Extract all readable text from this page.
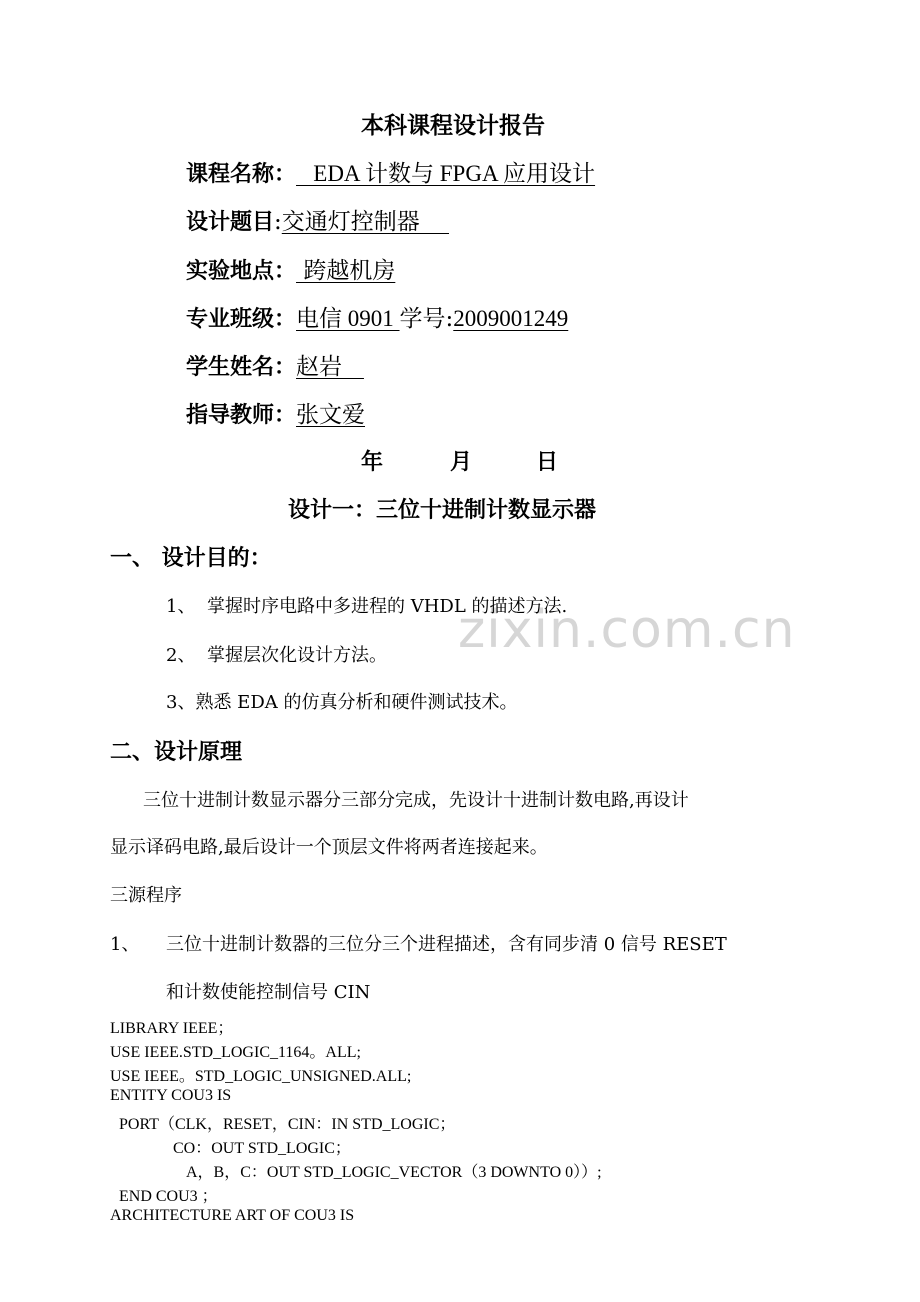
zixin.com.cn
本科课程设计报告
课程名称：   EDA 计数与 FPGA 应用设计
设计题目:交通灯控制器
实验地点： 跨越机房
专业班级：电信 0901 学号:2009001249
学生姓名：赵岩
指导教师：张文爱
年	月	日
设计一：三位十进制计数显示器
一、 设计目的：
1、 掌握时序电路中多进程的 VHDL 的描述方法.
2、 掌握层次化设计方法。
3、熟悉 EDA 的仿真分析和硬件测试技术。
二、设计原理
三位十进制计数显示器分三部分完成，先设计十进制计数电路,再设计
显示译码电路,最后设计一个顶层文件将两者连接起来。
三源程序
1、 三位十进制计数器的三位分三个进程描述，含有同步清 0 信号 RESET
和计数使能控制信号 CIN
LIBRARY IEEE；
USE IEEE.STD_LOGIC_1164。ALL;
USE IEEE。STD_LOGIC_UNSIGNED.ALL;
ENTITY COU3 IS
PORT（CLK，RESET，CIN：IN STD_LOGIC；
CO：OUT STD_LOGIC；
A，B，C：OUT STD_LOGIC_VECTOR（3 DOWNTO 0））;
END COU3 ；
ARCHITECTURE ART OF COU3 IS
